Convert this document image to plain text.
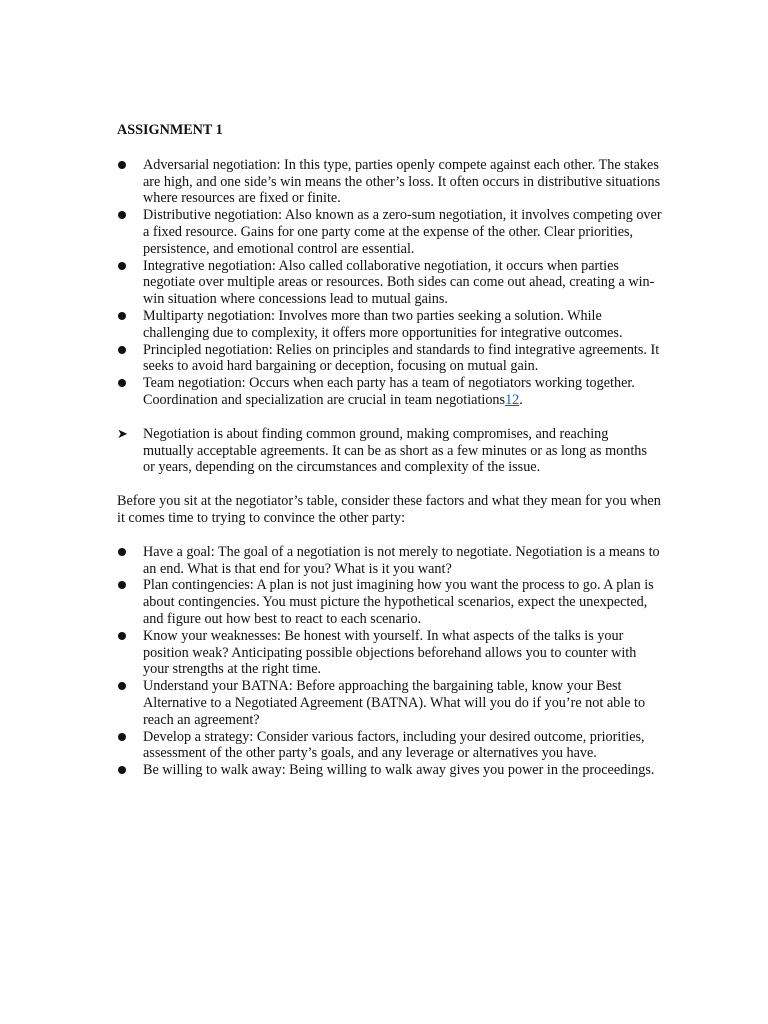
ASSIGNMENT 1
Adversarial negotiation: In this type, parties openly compete against each other. The stakes are high, and one side’s win means the other’s loss. It often occurs in distributive situations where resources are fixed or finite.
Distributive negotiation: Also known as a zero-sum negotiation, it involves competing over a fixed resource. Gains for one party come at the expense of the other. Clear priorities, persistence, and emotional control are essential.
Integrative negotiation: Also called collaborative negotiation, it occurs when parties negotiate over multiple areas or resources. Both sides can come out ahead, creating a win-win situation where concessions lead to mutual gains.
Multiparty negotiation: Involves more than two parties seeking a solution. While challenging due to complexity, it offers more opportunities for integrative outcomes.
Principled negotiation: Relies on principles and standards to find integrative agreements. It seeks to avoid hard bargaining or deception, focusing on mutual gain.
Team negotiation: Occurs when each party has a team of negotiators working together. Coordination and specialization are crucial in team negotiations12.
➤ Negotiation is about finding common ground, making compromises, and reaching mutually acceptable agreements. It can be as short as a few minutes or as long as months or years, depending on the circumstances and complexity of the issue.

Before you sit at the negotiator’s table, consider these factors and what they mean for you when it comes time to trying to convince the other party:

Have a goal: The goal of a negotiation is not merely to negotiate. Negotiation is a means to an end. What is that end for you? What is it you want?
Plan contingencies: A plan is not just imagining how you want the process to go. A plan is about contingencies. You must picture the hypothetical scenarios, expect the unexpected, and figure out how best to react to each scenario.
Know your weaknesses: Be honest with yourself. In what aspects of the talks is your position weak? Anticipating possible objections beforehand allows you to counter with your strengths at the right time.
Understand your BATNA: Before approaching the bargaining table, know your Best Alternative to a Negotiated Agreement (BATNA). What will you do if you’re not able to reach an agreement?
Develop a strategy: Consider various factors, including your desired outcome, priorities, assessment of the other party’s goals, and any leverage or alternatives you have.
Be willing to walk away: Being willing to walk away gives you power in the proceedings.
